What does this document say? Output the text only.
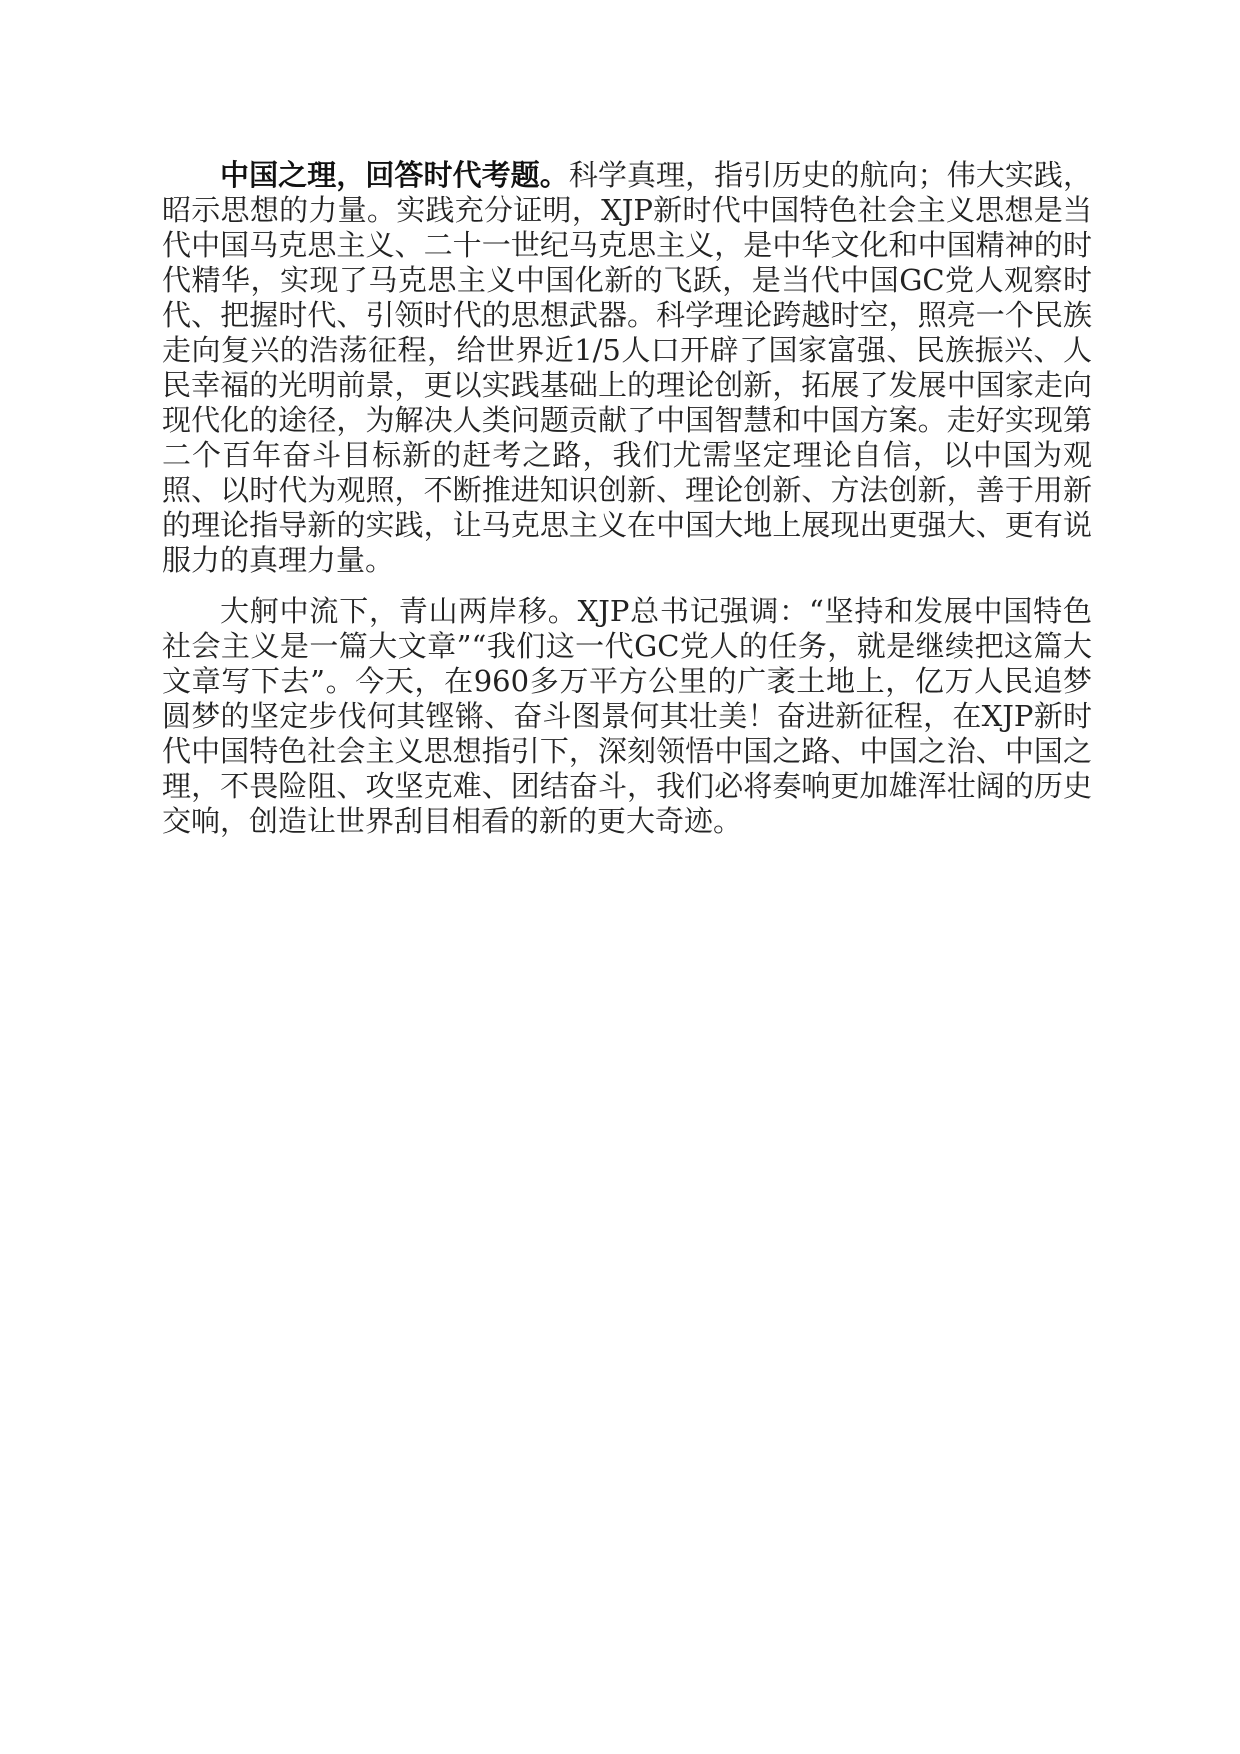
中国之理，回答时代考题。科学真理，指引历史的航向；伟大实践，昭示思想的力量。实践充分证明，XJP新时代中国特色社会主义思想是当代中国马克思主义、二十一世纪马克思主义，是中华文化和中国精神的时代精华，实现了马克思主义中国化新的飞跃，是当代中国GC党人观察时代、把握时代、引领时代的思想武器。科学理论跨越时空，照亮一个民族走向复兴的浩荡征程，给世界近1/5人口开辟了国家富强、民族振兴、人民幸福的光明前景，更以实践基础上的理论创新，拓展了发展中国家走向现代化的途径，为解决人类问题贡献了中国智慧和中国方案。走好实现第二个百年奋斗目标新的赶考之路，我们尤需坚定理论自信，以中国为观照、以时代为观照，不断推进知识创新、理论创新、方法创新，善于用新的理论指导新的实践，让马克思主义在中国大地上展现出更强大、更有说服力的真理力量。

大舸中流下，青山两岸移。XJP总书记强调：“坚持和发展中国特色社会主义是一篇大文章”“我们这一代GC党人的任务，就是继续把这篇大文章写下去”。今天，在960多万平方公里的广袤土地上，亿万人民追梦圆梦的坚定步伐何其铿锵、奋斗图景何其壮美！奋进新征程，在XJP新时代中国特色社会主义思想指引下，深刻领悟中国之路、中国之治、中国之理，不畏险阻、攻坚克难、团结奋斗，我们必将奏响更加雄浑壮阔的历史交响，创造让世界刮目相看的新的更大奇迹。
